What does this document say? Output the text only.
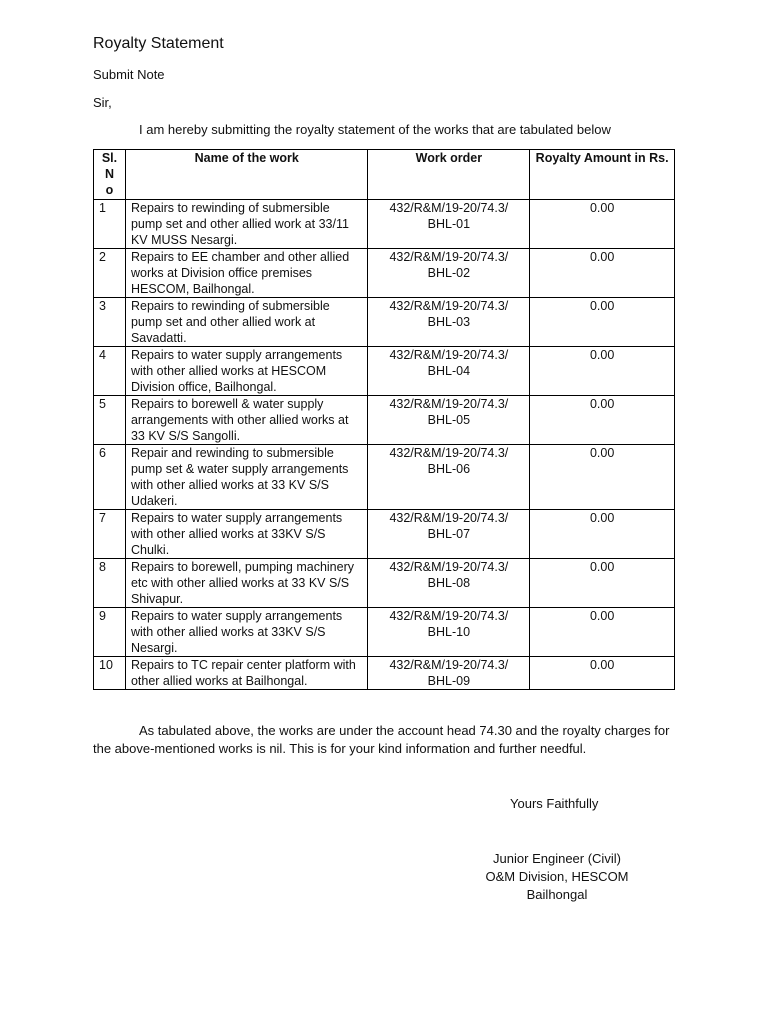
Royalty Statement
Submit Note
Sir,
I am hereby submitting the royalty statement of the works that are tabulated below
Sl.
N
o	Name of the work	Work order	Royalty Amount in Rs.
1	Repairs to rewinding of submersible pump set and other allied work at 33/11 KV MUSS Nesargi.	432/R&M/19-20/74.3/
BHL-01	0.00
2	Repairs to EE chamber and other allied works at Division office premises HESCOM, Bailhongal.	432/R&M/19-20/74.3/
BHL-02	0.00
3	Repairs to rewinding of submersible pump set and other allied work at Savadatti.	432/R&M/19-20/74.3/
BHL-03	0.00
4	Repairs to water supply arrangements with other allied works at HESCOM Division office, Bailhongal.	432/R&M/19-20/74.3/
BHL-04	0.00
5	Repairs to borewell & water supply arrangements with other allied works at 33 KV S/S Sangolli.	432/R&M/19-20/74.3/
BHL-05	0.00
6	Repair and rewinding to submersible pump set & water supply arrangements with other allied works at 33 KV S/S Udakeri.	432/R&M/19-20/74.3/
BHL-06	0.00
7	Repairs to water supply arrangements with other allied works at 33KV S/S Chulki.	432/R&M/19-20/74.3/
BHL-07	0.00
8	Repairs to borewell, pumping machinery etc with other allied works at 33 KV S/S Shivapur.	432/R&M/19-20/74.3/
BHL-08	0.00
9	Repairs to water supply arrangements with other allied works at 33KV S/S Nesargi.	432/R&M/19-20/74.3/
BHL-10	0.00
10	Repairs to TC repair center platform with other allied works at Bailhongal.	432/R&M/19-20/74.3/
BHL-09	0.00
As tabulated above, the works are under the account head 74.30 and the royalty charges for the above-mentioned works is nil. This is for your kind information and further needful.
Yours Faithfully
Junior Engineer (Civil)
O&M Division, HESCOM
Bailhongal
